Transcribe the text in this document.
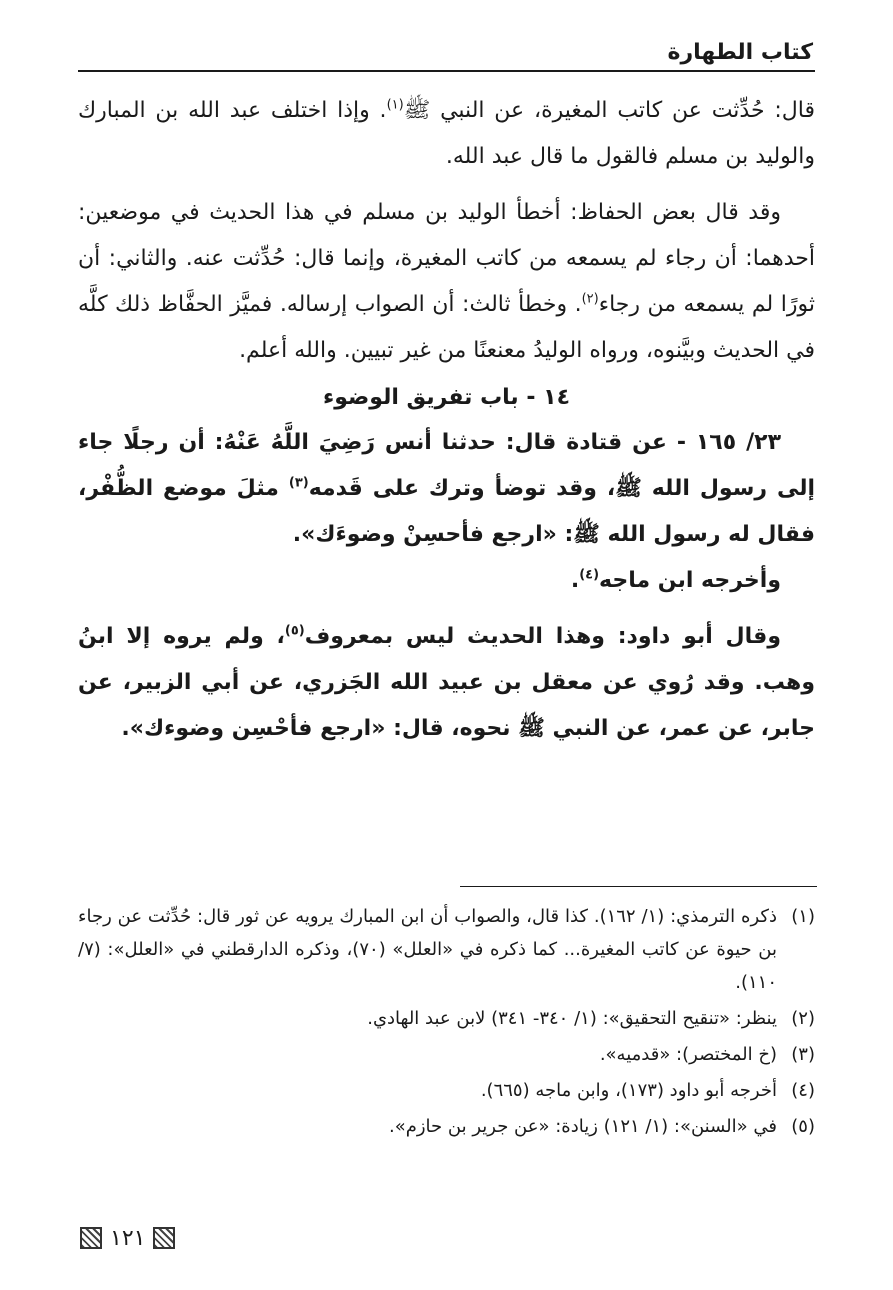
كتاب الطهارة

قال: حُدِّثت عن كاتب المغيرة، عن النبي ﷺ$^{(١)}$. وإذا اختلف عبد الله بن المبارك والوليد بن مسلم فالقول ما قال عبد الله.

وقد قال بعض الحفاظ: أخطأ الوليد بن مسلم في هذا الحديث في موضعين: أحدهما: أن رجاء لم يسمعه من كاتب المغيرة، وإنما قال: حُدِّثت عنه. والثاني: أن ثورًا لم يسمعه من رجاء$^{(٢)}$. وخطأ ثالث: أن الصواب إرساله. فميَّز الحفَّاظ ذلك كلَّه في الحديث وبيَّنوه، ورواه الوليدُ معنعنًا من غير تبيين. والله أعلم.

١٤ - باب تفريق الوضوء

٢٣/ ١٦٥ - عن قتادة قال: حدثنا أنس رَضِيَ اللَّهُ عَنْهُ: أن رجلًا جاء إلى رسول الله ﷺ، وقد توضأ وترك على قَدمه$^{(٣)}$ مثلَ موضع الظُّفْر، فقال له رسول الله ﷺ: «ارجع فأحسِنْ وضوءَك».

وأخرجه ابن ماجه$^{(٤)}$.

وقال أبو داود: وهذا الحديث ليس بمعروف$^{(٥)}$، ولم يروه إلا ابنُ وهب. وقد رُوي عن معقل بن عبيد الله الجَزري، عن أبي الزبير، عن جابر، عن عمر، عن النبي ﷺ نحوه، قال: «ارجع فأحْسِن وضوءك».

(١)
ذكره الترمذي: (١/ ١٦٢). كذا قال، والصواب أن ابن المبارك يرويه عن ثور قال: حُدِّثت عن رجاء بن حيوة عن كاتب المغيرة... كما ذكره في «العلل» (٧٠)، وذكره الدارقطني في «العلل»: (٧/ ١١٠).
(٢)
ينظر: «تنقيح التحقيق»: (١/ ٣٤٠- ٣٤١) لابن عبد الهادي.
(٣)
(خ المختصر): «قدميه».
(٤)
أخرجه أبو داود (١٧٣)، وابن ماجه (٦٦٥).
(٥)
في «السنن»: (١/ ١٢١) زيادة: «عن جرير بن حازم».
١٢١
